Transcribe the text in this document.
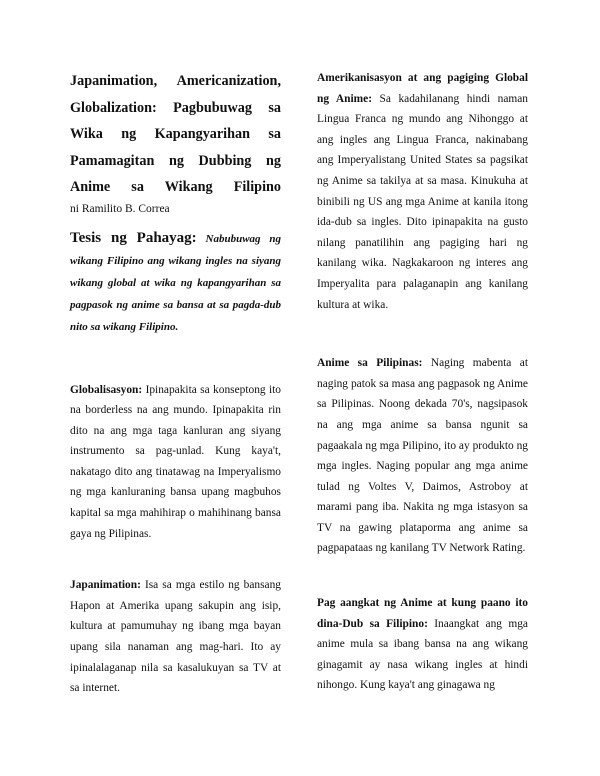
Japanimation, Americanization, Globalization: Pagbubuwag sa Wika ng Kapangyarihan sa Pamamagitan ng Dubbing ng Anime sa Wikang Filipino

ni Ramilito B. Correa
Tesis ng Pahayag: Nabubuwag ng wikang Filipino ang wikang ingles na siyang wikang global at wika ng kapangyarihan sa pagpasok ng anime sa bansa at sa pagda-dub nito sa wikang Filipino.

Globalisasyon: Ipinapakita sa konseptong ito na borderless na ang mundo. Ipinapakita rin dito na ang mga taga kanluran ang siyang instrumento sa pag-unlad. Kung kaya't, nakatago dito ang tinatawag na Imperyalismo ng mga kanluraning bansa upang magbuhos kapital sa mga mahihirap o mahihinang bansa gaya ng Pilipinas.

Japanimation: Isa sa mga estilo ng bansang Hapon at Amerika upang sakupin ang isip, kultura at pamumuhay ng ibang mga bayan upang sila nanaman ang mag-hari. Ito ay ipinalalaganap nila sa kasalukuyan sa TV at sa internet.

Amerikanisasyon at ang pagiging Global ng Anime: Sa kadahilanang hindi naman Lingua Franca ng mundo ang Nihonggo at ang ingles ang Lingua Franca, nakinabang ang Imperyalistang United States sa pagsikat ng Anime sa takilya at sa masa. Kinukuha at binibili ng US ang mga Anime at kanila itong ida-dub sa ingles. Dito ipinapakita na gusto nilang panatilihin ang pagiging hari ng kanilang wika. Nagkakaroon ng interes ang Imperyalita para palaganapin ang kanilang kultura at wika.

Anime sa Pilipinas: Naging mabenta at naging patok sa masa ang pagpasok ng Anime sa Pilipinas. Noong dekada 70's, nagsipasok na ang mga anime sa bansa ngunit sa pagaakala ng mga Pilipino, ito ay produkto ng mga ingles. Naging popular ang mga anime tulad ng Voltes V, Daimos, Astroboy at marami pang iba. Nakita ng mga istasyon sa TV na gawing plataporma ang anime sa pagpapataas ng kanilang TV Network Rating.

Pag aangkat ng Anime at kung paano ito dina-Dub sa Filipino: Inaangkat ang mga anime mula sa ibang bansa na ang wikang ginagamit ay nasa wikang ingles at hindi nihongo. Kung kaya't ang ginagawa ng
